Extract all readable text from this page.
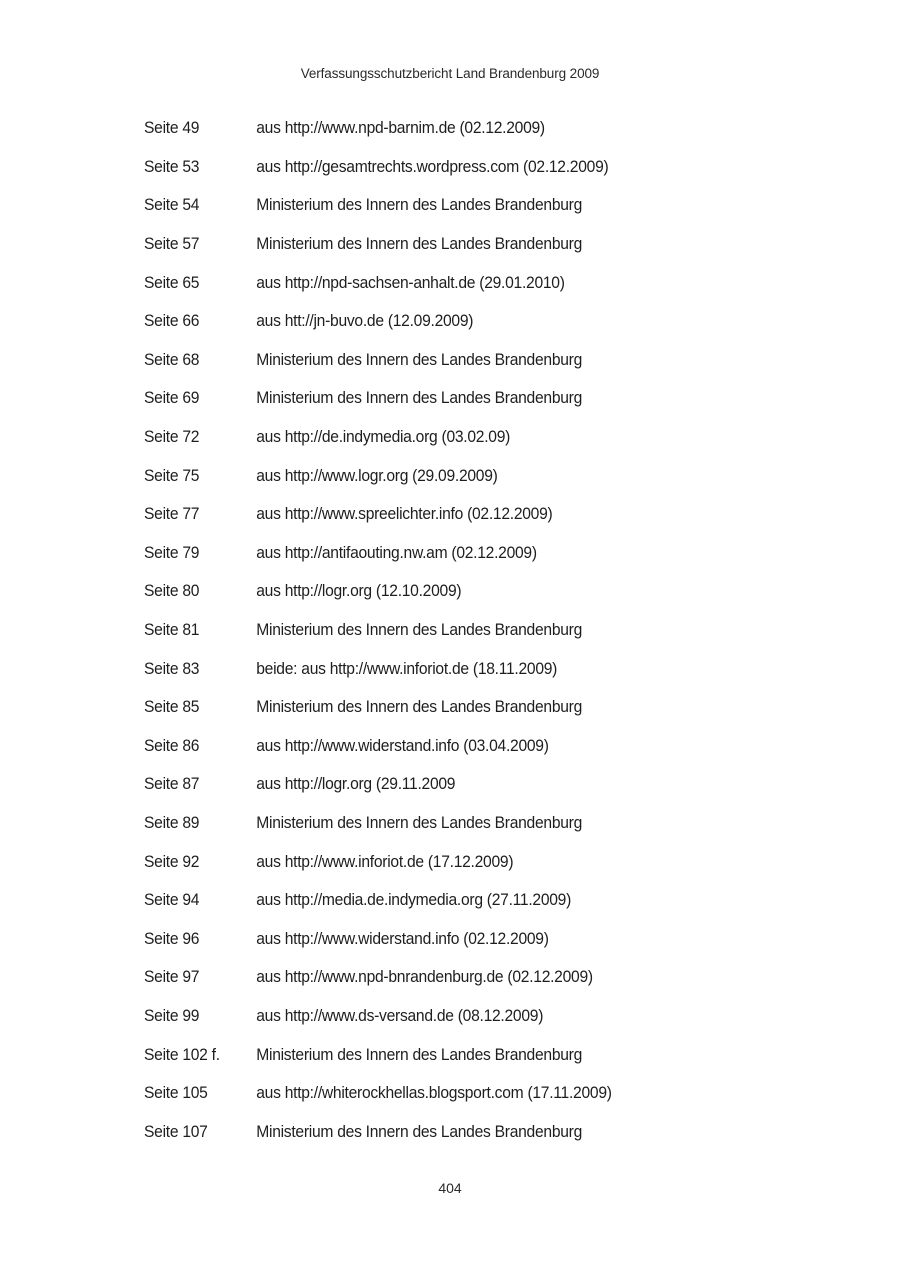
Verfassungsschutzbericht Land Brandenburg 2009
Seite 49	aus http://www.npd-barnim.de (02.12.2009)
Seite 53	aus http://gesamtrechts.wordpress.com (02.12.2009)
Seite 54	Ministerium des Innern des Landes Brandenburg
Seite 57	Ministerium des Innern des Landes Brandenburg
Seite 65	aus http://npd-sachsen-anhalt.de (29.01.2010)
Seite 66	aus htt://jn-buvo.de (12.09.2009)
Seite 68	Ministerium des Innern des Landes Brandenburg
Seite 69	Ministerium des Innern des Landes Brandenburg
Seite 72	aus http://de.indymedia.org (03.02.09)
Seite 75	aus http://www.logr.org (29.09.2009)
Seite 77	aus http://www.spreelichter.info (02.12.2009)
Seite 79	aus http://antifaouting.nw.am (02.12.2009)
Seite 80	aus http://logr.org (12.10.2009)
Seite 81	Ministerium des Innern des Landes Brandenburg
Seite 83	beide: aus http://www.inforiot.de (18.11.2009)
Seite 85	Ministerium des Innern des Landes Brandenburg
Seite 86	aus http://www.widerstand.info (03.04.2009)
Seite 87	aus http://logr.org (29.11.2009
Seite 89	Ministerium des Innern des Landes Brandenburg
Seite 92	aus http://www.inforiot.de (17.12.2009)
Seite 94	aus http://media.de.indymedia.org (27.11.2009)
Seite 96	aus http://www.widerstand.info (02.12.2009)
Seite 97	aus http://www.npd-bnrandenburg.de (02.12.2009)
Seite 99	aus http://www.ds-versand.de (08.12.2009)
Seite 102 f.	Ministerium des Innern des Landes Brandenburg
Seite 105	aus http://whiterockhellas.blogsport.com (17.11.2009)
Seite 107	Ministerium des Innern des Landes Brandenburg
404
